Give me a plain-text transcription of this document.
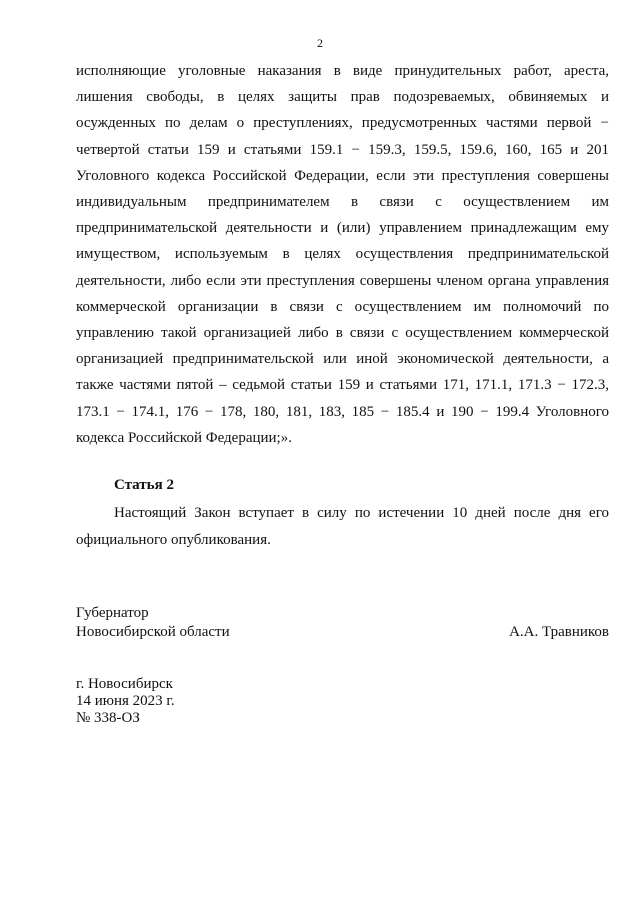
2

исполняющие уголовные наказания в виде принудительных работ, ареста, лишения свободы, в целях защиты прав подозреваемых, обвиняемых и осужденных по делам о преступлениях, предусмотренных частями первой − четвертой статьи 159 и статьями 159.1 − 159.3, 159.5, 159.6, 160, 165 и 201 Уголовного кодекса Российской Федерации, если эти преступления совершены индивидуальным предпринимателем в связи с осуществлением им предпринимательской деятельности и (или) управлением принадлежащим ему имуществом, используемым в целях осуществления предпринимательской деятельности, либо если эти преступления совершены членом органа управления коммерческой организации в связи с осуществлением им полномочий по управлению такой организацией либо в связи с осуществлением коммерческой организацией предпринимательской или иной экономической деятельности, а также частями пятой – седьмой статьи 159 и статьями 171, 171.1, 171.3 − 172.3, 173.1 − 174.1, 176 − 178, 180, 181, 183, 185 − 185.4 и 190 − 199.4 Уголовного кодекса Российской Федерации;».

Статья 2

Настоящий Закон вступает в силу по истечении 10 дней после дня его официального опубликования.

Губернатор
Новосибирской области	А.А. Травников
г. Новосибирск
14 июня 2023 г.
№ 338-ОЗ
